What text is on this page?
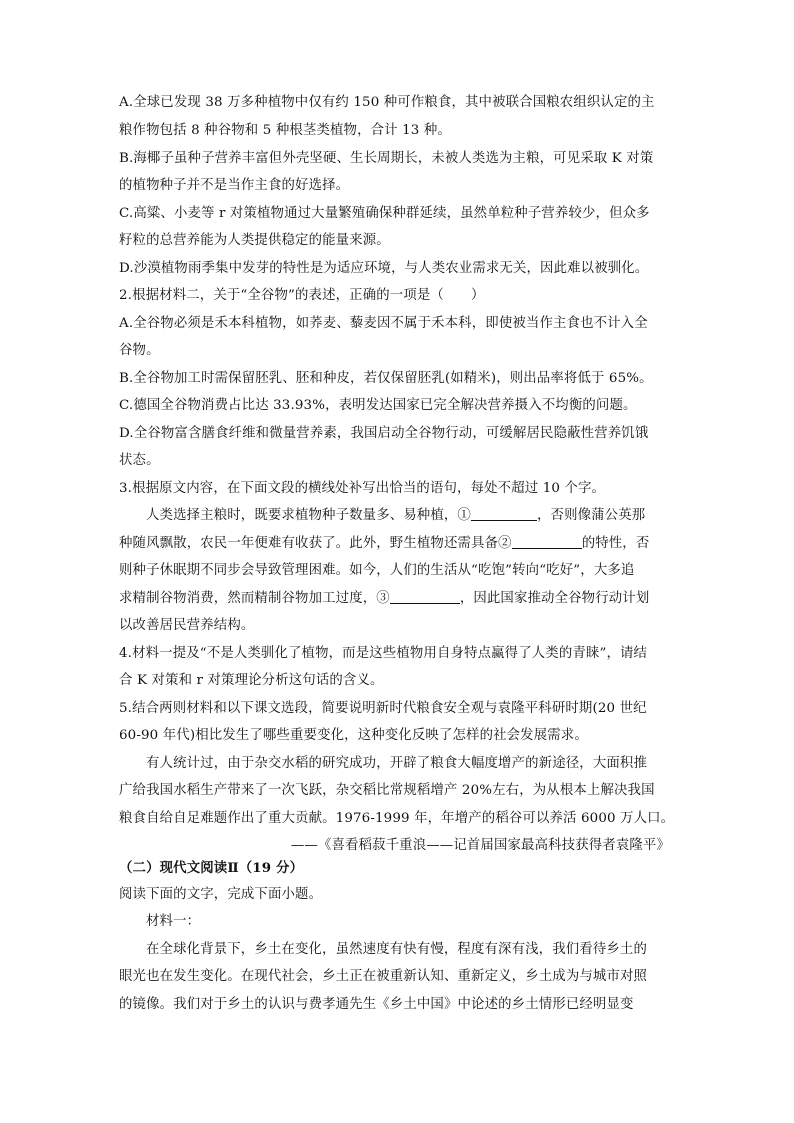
A.全球已发现 38 万多种植物中仅有约 150 种可作粮食，其中被联合国粮农组织认定的主
粮作物包括 8 种谷物和 5 种根茎类植物，合计 13 种。
B.海椰子虽种子营养丰富但外壳坚硬、生长周期长，未被人类选为主粮，可见采取 K 对策
的植物种子并不是当作主食的好选择。
C.高粱、小麦等 r 对策植物通过大量繁殖确保种群延续，虽然单粒种子营养较少，但众多
籽粒的总营养能为人类提供稳定的能量来源。
D.沙漠植物雨季集中发芽的特性是为适应环境，与人类农业需求无关，因此难以被驯化。
2.根据材料二，关于“全谷物”的表述，正确的一项是（　　）
A.全谷物必须是禾本科植物，如荞麦、藜麦因不属于禾本科，即使被当作主食也不计入全
谷物。
B.全谷物加工时需保留胚乳、胚和种皮，若仅保留胚乳(如精米)，则出品率将低于 65%。
C.德国全谷物消费占比达 33.93%，表明发达国家已完全解决营养摄入不均衡的问题。
D.全谷物富含膳食纤维和微量营养素，我国启动全谷物行动，可缓解居民隐蔽性营养饥饿
状态。
3.根据原文内容，在下面文段的横线处补写出恰当的语句，每处不超过 10 个字。
人类选择主粮时，既要求植物种子数量多、易种植，①	，否则像蒲公英那
种随风飘散，农民一年便难有收获了。此外，野生植物还需具备②	的特性，否
则种子休眠期不同步会导致管理困难。如今，人们的生活从“吃饱”转向“吃好”，大多追
求精制谷物消费，然而精制谷物加工过度，③	，因此国家推动全谷物行动计划
以改善居民营养结构。
4.材料一提及“不是人类驯化了植物，而是这些植物用自身特点赢得了人类的青睐”，请结
合 K 对策和 r 对策理论分析这句话的含义。
5.结合两则材料和以下课文选段，简要说明新时代粮食安全观与袁隆平科研时期(20 世纪
60-90 年代)相比发生了哪些重要变化，这种变化反映了怎样的社会发展需求。
有人统计过，由于杂交水稻的研究成功，开辟了粮食大幅度增产的新途径，大面积推
广给我国水稻生产带来了一次飞跃，杂交稻比常规稻增产 20%左右，为从根本上解决我国
粮食自给自足难题作出了重大贡献。1976-1999 年，年增产的稻谷可以养活 6000 万人口。
——《喜看稻菽千重浪——记首届国家最高科技获得者袁隆平》
（二）现代文阅读Ⅱ（19 分）
阅读下面的文字，完成下面小题。
材料一：
在全球化背景下，乡土在变化，虽然速度有快有慢，程度有深有浅，我们看待乡土的
眼光也在发生变化。在现代社会，乡土正在被重新认知、重新定义，乡土成为与城市对照
的镜像。我们对于乡土的认识与费孝通先生《乡土中国》中论述的乡土情形已经明显变
